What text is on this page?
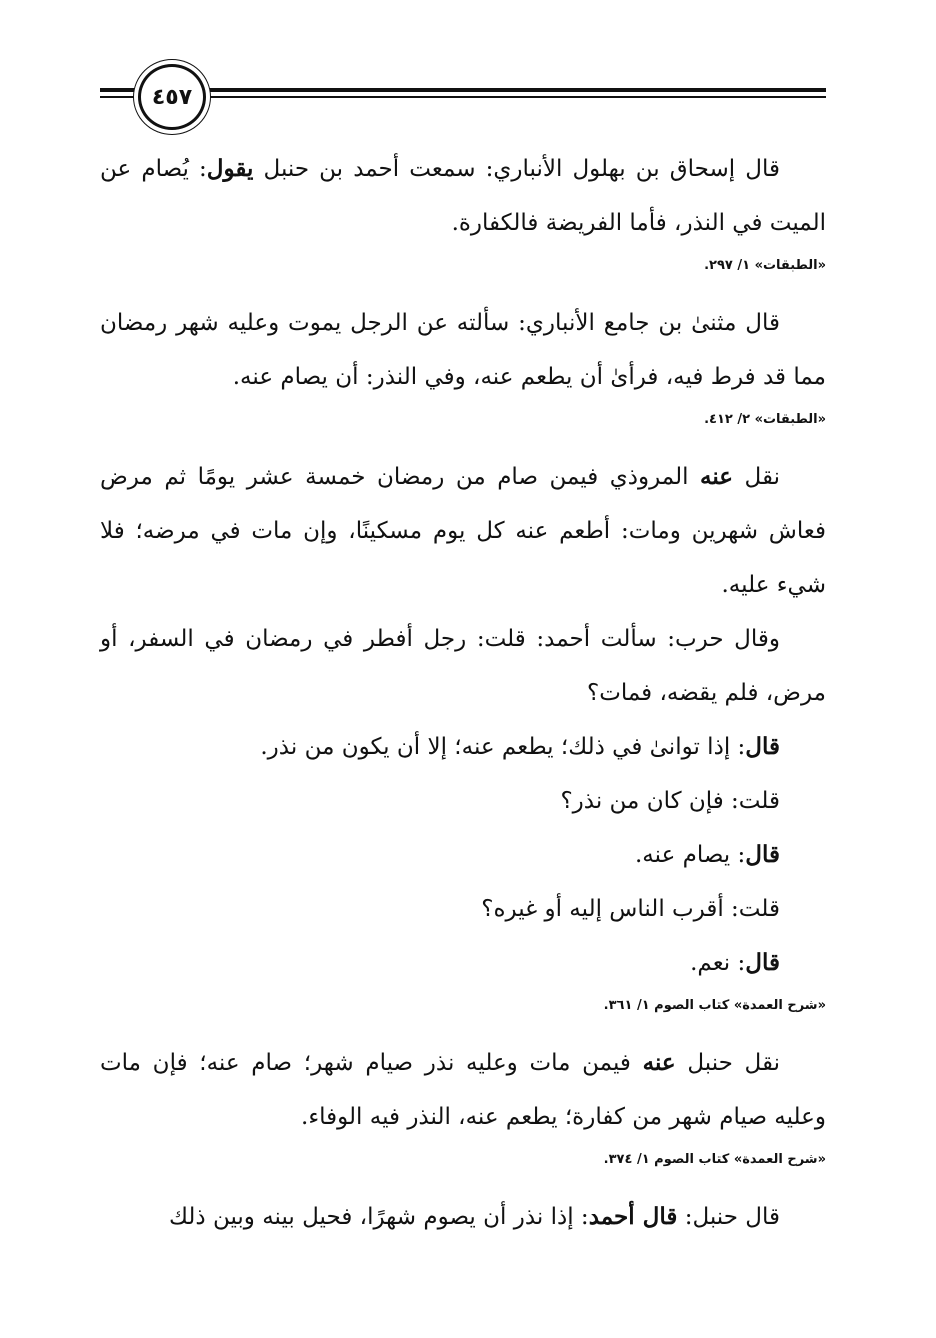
٤٥٧

قال إسحاق بن بهلول الأنباري: سمعت أحمد بن حنبل يقول: يُصام عن الميت في النذر، فأما الفريضة فالكفارة.

«الطبقات» ١/ ٢٩٧.

قال مثنىٰ بن جامع الأنباري: سألته عن الرجل يموت وعليه شهر رمضان مما قد فرط فيه، فرأىٰ أن يطعم عنه، وفي النذر: أن يصام عنه.

«الطبقات» ٢/ ٤١٢.

نقل عنه المروذي فيمن صام من رمضان خمسة عشر يومًا ثم مرض فعاش شهرين ومات: أطعم عنه كل يوم مسكينًا، وإن مات في مرضه؛ فلا شيء عليه.

وقال حرب: سألت أحمد: قلت: رجل أفطر في رمضان في السفر، أو مرض، فلم يقضه، فمات؟

قال: إذا توانىٰ في ذلك؛ يطعم عنه؛ إلا أن يكون من نذر.

قلت: فإن كان من نذر؟

قال: يصام عنه.

قلت: أقرب الناس إليه أو غيره؟

قال: نعم.

«شرح العمدة» كتاب الصوم ١/ ٣٦١.

نقل حنبل عنه فيمن مات وعليه نذر صيام شهر؛ صام عنه؛ فإن مات وعليه صيام شهر من كفارة؛ يطعم عنه، النذر فيه الوفاء.

«شرح العمدة» كتاب الصوم ١/ ٣٧٤.

قال حنبل: قال أحمد: إذا نذر أن يصوم شهرًا، فحيل بينه وبين ذلك
